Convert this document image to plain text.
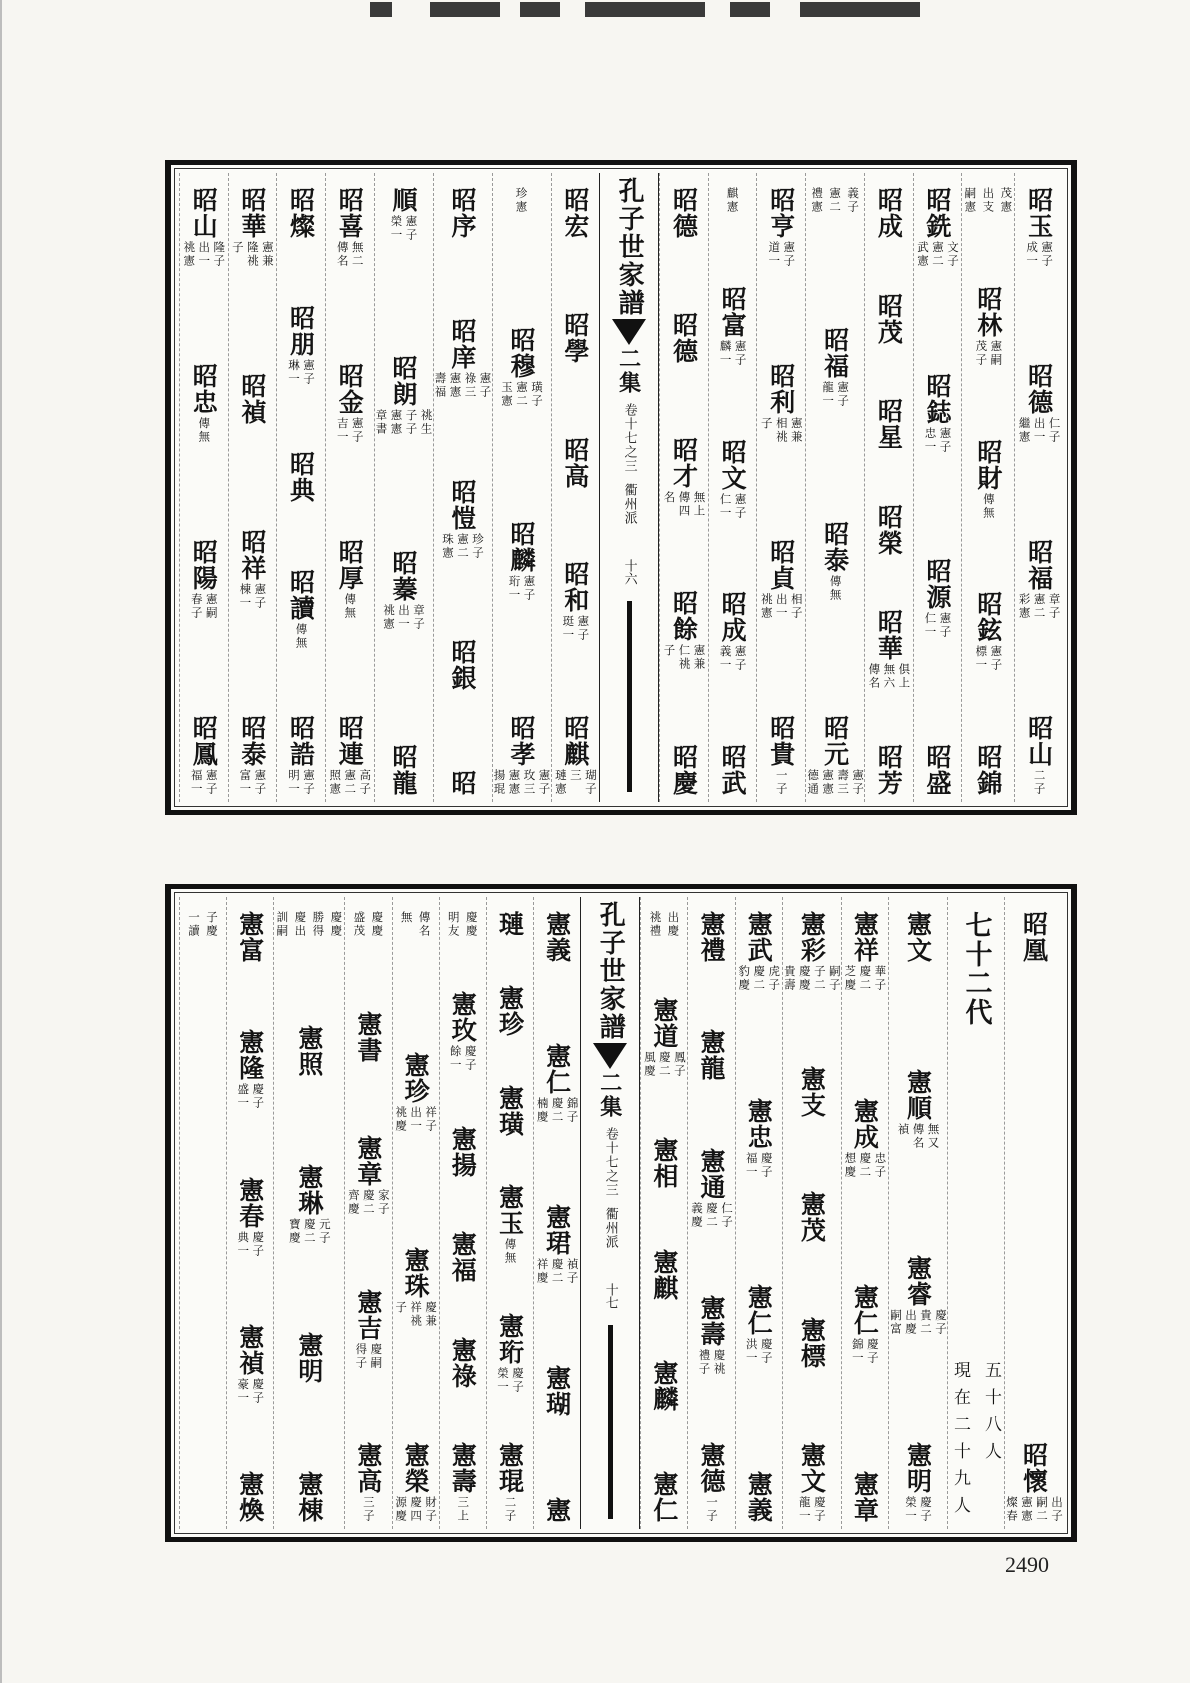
昭玉
憲子
成一
昭德
仁子
出一
繼憲
昭福
章子
憲二
彩憲
昭山
二子
茂憲
出支
嗣憲
昭林
憲嗣
茂子
昭財
傳無
昭鉉
憲子
標一
昭錦
昭銑
文子
憲二
武憲
昭鋕
憲子
忠一
昭源
憲子
仁一
昭盛
昭成
昭茂
昭星
昭榮
昭華
俱上
無六
傳名
昭芳
義子
憲二
禮憲
昭福
憲子
龍一
昭泰
傳無
昭元
憲子
壽三
憲憲
德通
昭亨
憲子
道一
昭利
憲兼
相祧
子
昭貞
相子
出一
祧憲
昭貴
一子
麒憲
昭富
憲子
麟一
昭文
憲子
仁一
昭成
憲子
義一
昭武
昭德
昭德
昭才
無上
傳四
名
昭餘
憲兼
仁祧
子
昭慶
孔子世家譜
二集
卷十七之三
衢州派
十六
昭宏
昭學
昭高
昭和
憲子
珽一
昭麒
瑚子
三
璉憲
珍憲
昭穆
璜子
憲二
玉憲
昭麟
憲子
珩一
昭孝
憲子
玫三
憲憲
揚琨
昭序
昭庠
憲子
祿三
憲憲
壽福
昭愷
珍子
憲二
珠憲
昭銀
昭
順
憲子
榮一
昭朗
祧生
子子
憲憲
章書
昭蓁
章子
出一
祧憲
昭龍
昭喜
無二
傳名
昭金
憲子
吉一
昭厚
傳無
昭連
高子
憲二
照憲
昭燦
昭朋
憲子
琳一
昭典
昭讀
傳無
昭誥
憲子
明一
昭華
憲兼
隆祧
子
昭禎
昭祥
憲子
棟一
昭泰
憲子
富一
昭山
隆子
出一
祧憲
昭忠
傳無
昭陽
憲嗣
春子
昭鳳
憲子
福一
昭凰
昭懷
出子
嗣二
憲憲
燦春
七十二代
五十八人
現在二十九人
憲文
憲順
無又
傳名
禎
憲睿
慶子
貴二
出慶
嗣富
憲明
慶子
榮一
憲祥
華子
慶二
芝慶
憲成
忠子
慶二
想慶
憲仁
慶子
錦一
憲章
憲彩
嗣子
子二
慶慶
貴壽
憲支
憲茂
憲標
憲文
慶子
龍一
憲武
虎子
慶二
豹慶
憲忠
慶子
福一
憲仁
慶子
洪一
憲義
憲禮
憲龍
憲通
仁子
慶二
義慶
憲壽
慶祧
禮子
憲德
一子
出慶
祧禮
憲道
鳳子
慶二
風慶
憲相
憲麒
憲麟
憲仁
孔子世家譜
二集
卷十七之三
衢州派
十七
憲義
憲仁
錦子
慶二
楠慶
憲珺
禎子
慶二
祥慶
憲瑚
憲
璉
憲珍
憲璜
憲玉
傳無
憲珩
慶子
榮一
憲琨
二子
慶慶
明友
憲玫
慶子
餘一
憲揚
憲福
憲祿
憲壽
三上
傳名
無
憲珍
祥子
出一
祧慶
憲珠
慶兼
祥祧
子
憲榮
財子
慶四
源慶
慶慶
盛茂
憲書
憲章
家子
慶二
齊慶
憲吉
慶嗣
得子
憲高
三子
慶慶
勝得
慶出
訓嗣
憲照
憲琳
元子
慶二
寶慶
憲明
憲棟
憲富
憲隆
慶子
盛一
憲春
慶子
典一
憲禎
慶子
豪一
憲煥
子慶
一讀
2490
